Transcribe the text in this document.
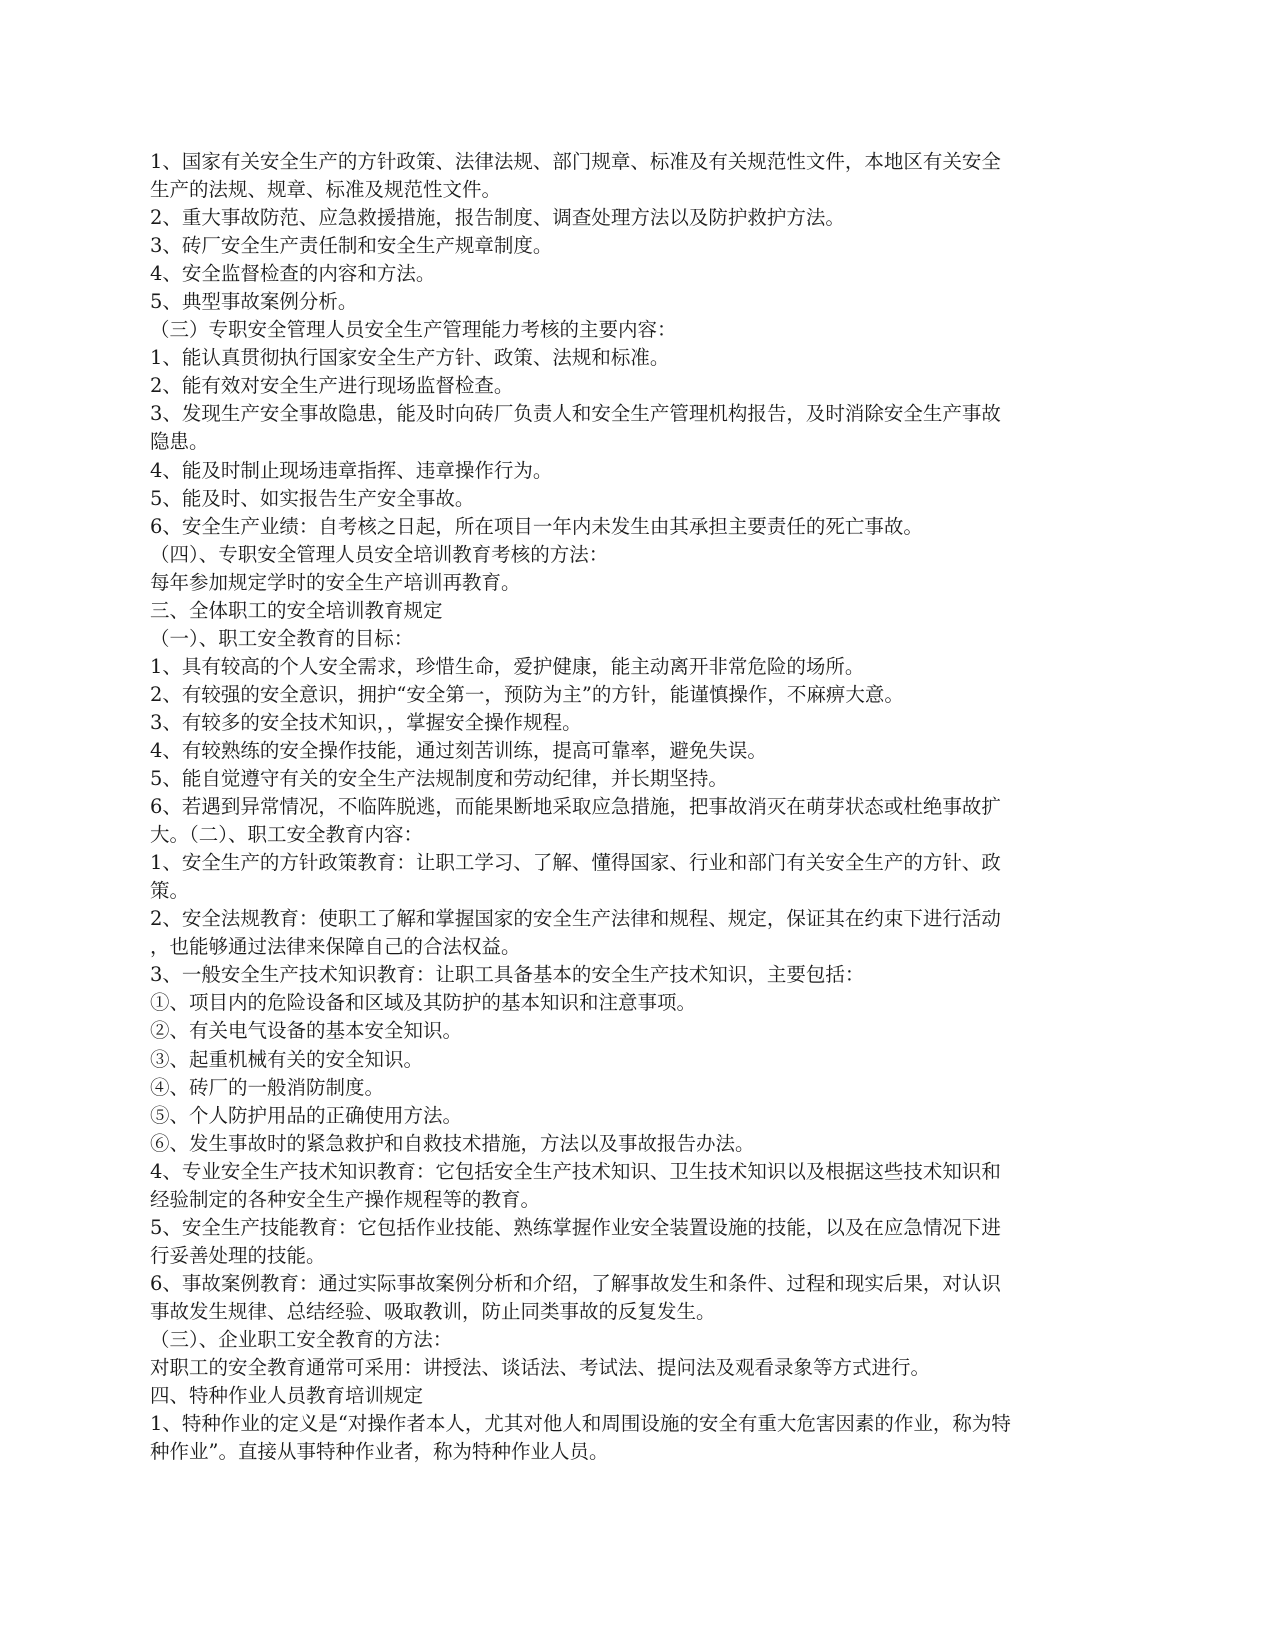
1、国家有关安全生产的方针政策、法律法规、部门规章、标准及有关规范性文件，本地区有关安全

生产的法规、规章、标准及规范性文件。

2、重大事故防范、应急救援措施，报告制度、调查处理方法以及防护救护方法。

3、砖厂安全生产责任制和安全生产规章制度。

4、安全监督检查的内容和方法。

5、典型事故案例分析。

（三）专职安全管理人员安全生产管理能力考核的主要内容：

1、能认真贯彻执行国家安全生产方针、政策、法规和标准。

2、能有效对安全生产进行现场监督检查。

3、发现生产安全事故隐患，能及时向砖厂负责人和安全生产管理机构报告，及时消除安全生产事故

隐患。

4、能及时制止现场违章指挥、违章操作行为。

5、能及时、如实报告生产安全事故。

6、安全生产业绩：自考核之日起，所在项目一年内未发生由其承担主要责任的死亡事故。

（四）、专职安全管理人员安全培训教育考核的方法：

每年参加规定学时的安全生产培训再教育。

三、全体职工的安全培训教育规定

（一）、职工安全教育的目标：

1、具有较高的个人安全需求，珍惜生命，爱护健康，能主动离开非常危险的场所。

2、有较强的安全意识，拥护“安全第一，预防为主”的方针，能谨慎操作，不麻痹大意。

3、有较多的安全技术知识，，掌握安全操作规程。

4、有较熟练的安全操作技能，通过刻苦训练，提高可靠率，避免失误。

5、能自觉遵守有关的安全生产法规制度和劳动纪律，并长期坚持。

6、若遇到异常情况，不临阵脱逃，而能果断地采取应急措施，把事故消灭在萌芽状态或杜绝事故扩

大。（二）、职工安全教育内容：

1、安全生产的方针政策教育：让职工学习、了解、懂得国家、行业和部门有关安全生产的方针、政

策。

2、安全法规教育：使职工了解和掌握国家的安全生产法律和规程、规定，保证其在约束下进行活动

，也能够通过法律来保障自己的合法权益。

3、一般安全生产技术知识教育：让职工具备基本的安全生产技术知识，主要包括：

①、项目内的危险设备和区域及其防护的基本知识和注意事项。

②、有关电气设备的基本安全知识。

③、起重机械有关的安全知识。

④、砖厂的一般消防制度。

⑤、个人防护用品的正确使用方法。

⑥、发生事故时的紧急救护和自救技术措施，方法以及事故报告办法。

4、专业安全生产技术知识教育：它包括安全生产技术知识、卫生技术知识以及根据这些技术知识和

经验制定的各种安全生产操作规程等的教育。

5、安全生产技能教育：它包括作业技能、熟练掌握作业安全装置设施的技能，以及在应急情况下进

行妥善处理的技能。

6、事故案例教育：通过实际事故案例分析和介绍，了解事故发生和条件、过程和现实后果，对认识

事故发生规律、总结经验、吸取教训，防止同类事故的反复发生。

（三）、企业职工安全教育的方法：

对职工的安全教育通常可采用：讲授法、谈话法、考试法、提问法及观看录象等方式进行。

四、特种作业人员教育培训规定

1、特种作业的定义是“对操作者本人，尤其对他人和周围设施的安全有重大危害因素的作业，称为特

种作业”。直接从事特种作业者，称为特种作业人员。
